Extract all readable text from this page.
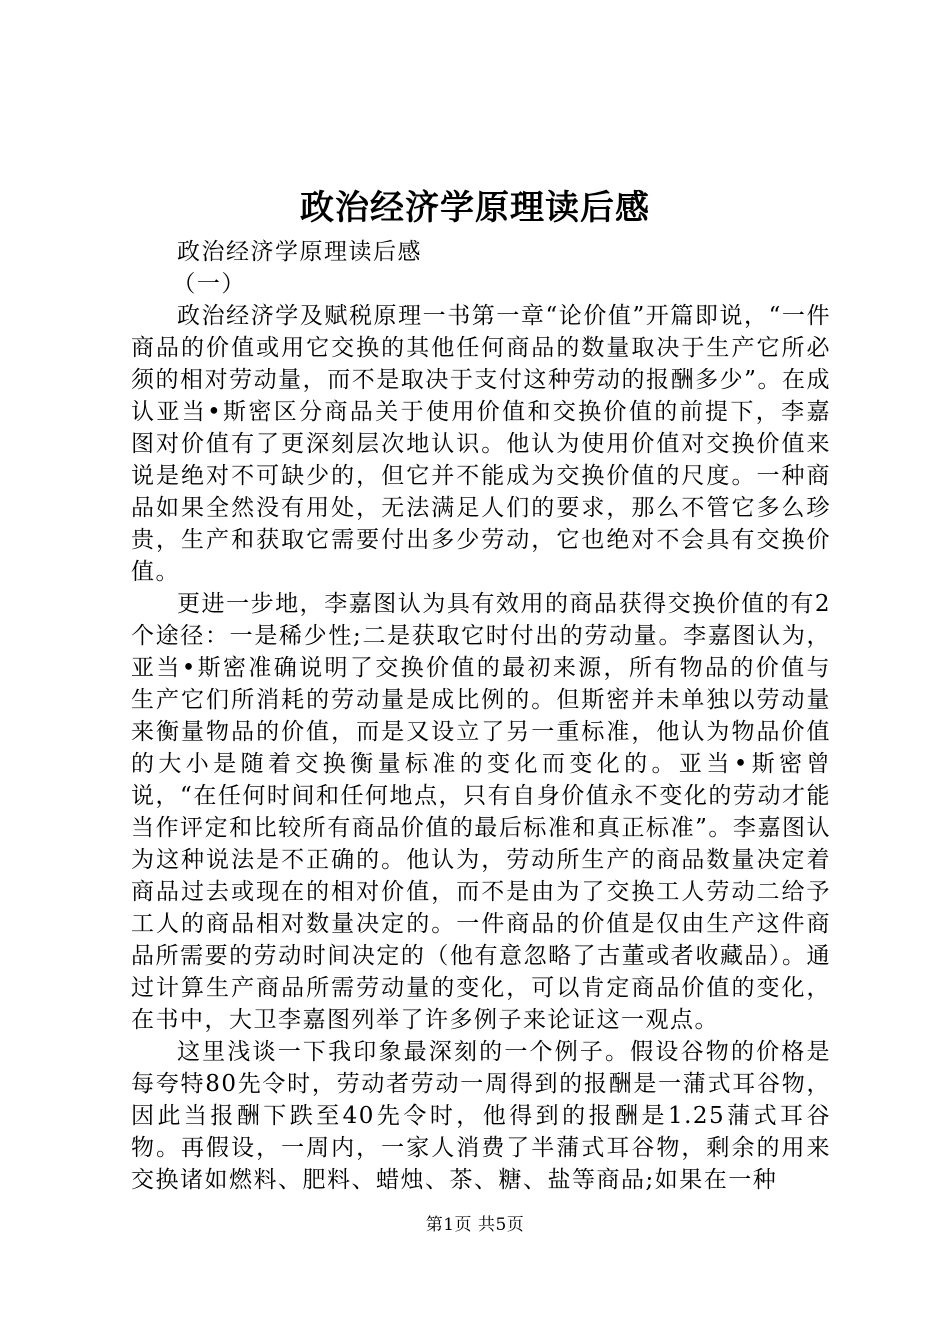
政治经济学原理读后感

政治经济学原理读后感

（一）

政治经济学及赋税原理一书第一章“论价值”开篇即说，“一件商品的价值或用它交换的其他任何商品的数量取决于生产它所必须的相对劳动量，而不是取决于支付这种劳动的报酬多少”。在成认亚当•斯密区分商品关于使用价值和交换价值的前提下，李嘉图对价值有了更深刻层次地认识。他认为使用价值对交换价值来说是绝对不可缺少的，但它并不能成为交换价值的尺度。一种商品如果全然没有用处，无法满足人们的要求，那么不管它多么珍贵，生产和获取它需要付出多少劳动，它也绝对不会具有交换价值。

更进一步地，李嘉图认为具有效用的商品获得交换价值的有2个途径：一是稀少性;二是获取它时付出的劳动量。李嘉图认为，亚当•斯密准确说明了交换价值的最初来源，所有物品的价值与生产它们所消耗的劳动量是成比例的。但斯密并未单独以劳动量来衡量物品的价值，而是又设立了另一重标准，他认为物品价值的大小是随着交换衡量标准的变化而变化的。亚当•斯密曾说，“在任何时间和任何地点，只有自身价值永不变化的劳动才能当作评定和比较所有商品价值的最后标准和真正标准”。李嘉图认为这种说法是不正确的。他认为，劳动所生产的商品数量决定着商品过去或现在的相对价值，而不是由为了交换工人劳动二给予工人的商品相对数量决定的。一件商品的价值是仅由生产这件商品所需要的劳动时间决定的（他有意忽略了古董或者收藏品）。通过计算生产商品所需劳动量的变化，可以肯定商品价值的变化，在书中，大卫李嘉图列举了许多例子来论证这一观点。

这里浅谈一下我印象最深刻的一个例子。假设谷物的价格是每夸特80先令时，劳动者劳动一周得到的报酬是一蒲式耳谷物，因此当报酬下跌至40先令时，他得到的报酬是1.25蒲式耳谷物。再假设，一周内，一家人消费了半蒲式耳谷物，剩余的用来交换诸如燃料、肥料、蜡烛、茶、糖、盐等商品;如果在一种

第1页 共5页
